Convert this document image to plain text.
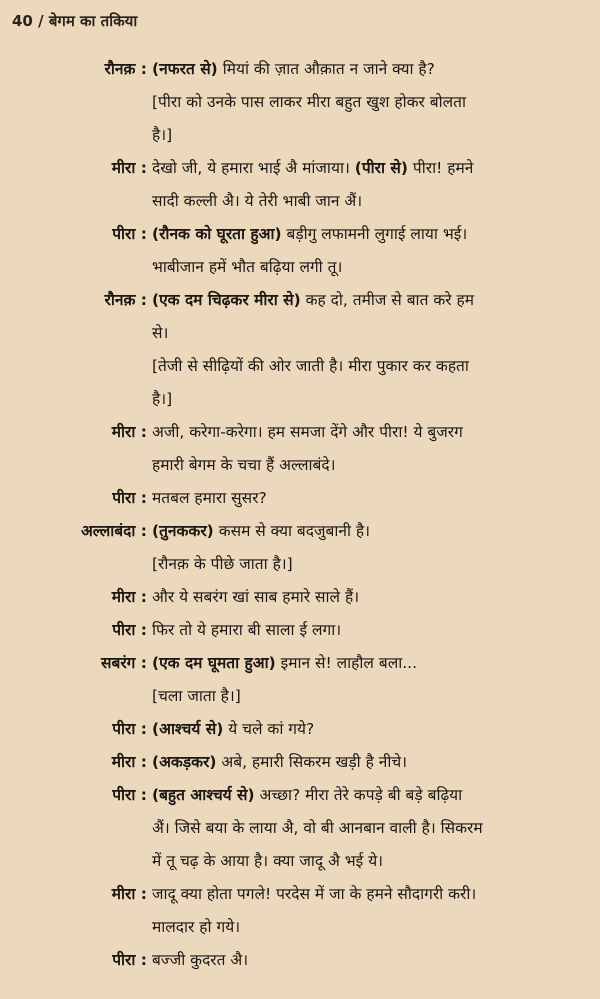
40 / बेगम का तकिया
रौनक़ : (नफरत से) मियां की ज़ात औक़ात न जाने क्या है?
[पीरा को उनके पास लाकर मीरा बहुत खुश होकर बोलता
है।]
मीरा : देखो जी, ये हमारा भाई अै मांजाया। (पीरा से) पीरा! हमने
सादी कल्ली अै। ये तेरी भाबी जान अैं।
पीरा : (रौनक को घूरता हुआ) बड़ीगु लफामनी लुगाई लाया भई।
भाबीजान हमें भौत बढ़िया लगी तू।
रौनक़ : (एक दम चिढ़कर मीरा से) कह दो, तमीज से बात करे हम
से।
[तेजी से सीढ़ियों की ओर जाती है। मीरा पुकार कर कहता
है।]
मीरा : अजी, करेगा-करेगा। हम समजा देंगे और पीरा! ये बुजरग
हमारी बेगम के चचा हैं अल्लाबंदे।
पीरा : मतबल हमारा सुसर?
अल्लाबंदा : (तुनककर) कसम से क्या बदजुबानी है।
[रौनक़ के पीछे जाता है।]
मीरा : और ये सबरंग खां साब हमारे साले हैं।
पीरा : फिर तो ये हमारा बी साला ई लगा।
सबरंग : (एक दम घूमता हुआ) इमान से! लाहौल बला...
[चला जाता है।]
पीरा : (आश्चर्य से) ये चले कां गये?
मीरा : (अकड़कर) अबे, हमारी सिकरम खड़ी है नीचे।
पीरा : (बहुत आश्चर्य से) अच्छा? मीरा तेरे कपड़े बी बड़े बढ़िया
अैं। जिसे बया के लाया अै, वो बी आनबान वाली है। सिकरम
में तू चढ़ के आया है। क्या जादू अै भई ये।
मीरा : जादू क्या होता पगले! परदेस में जा के हमने सौदागरी करी।
मालदार हो गये।
पीरा : बज्जी कुदरत अै।
